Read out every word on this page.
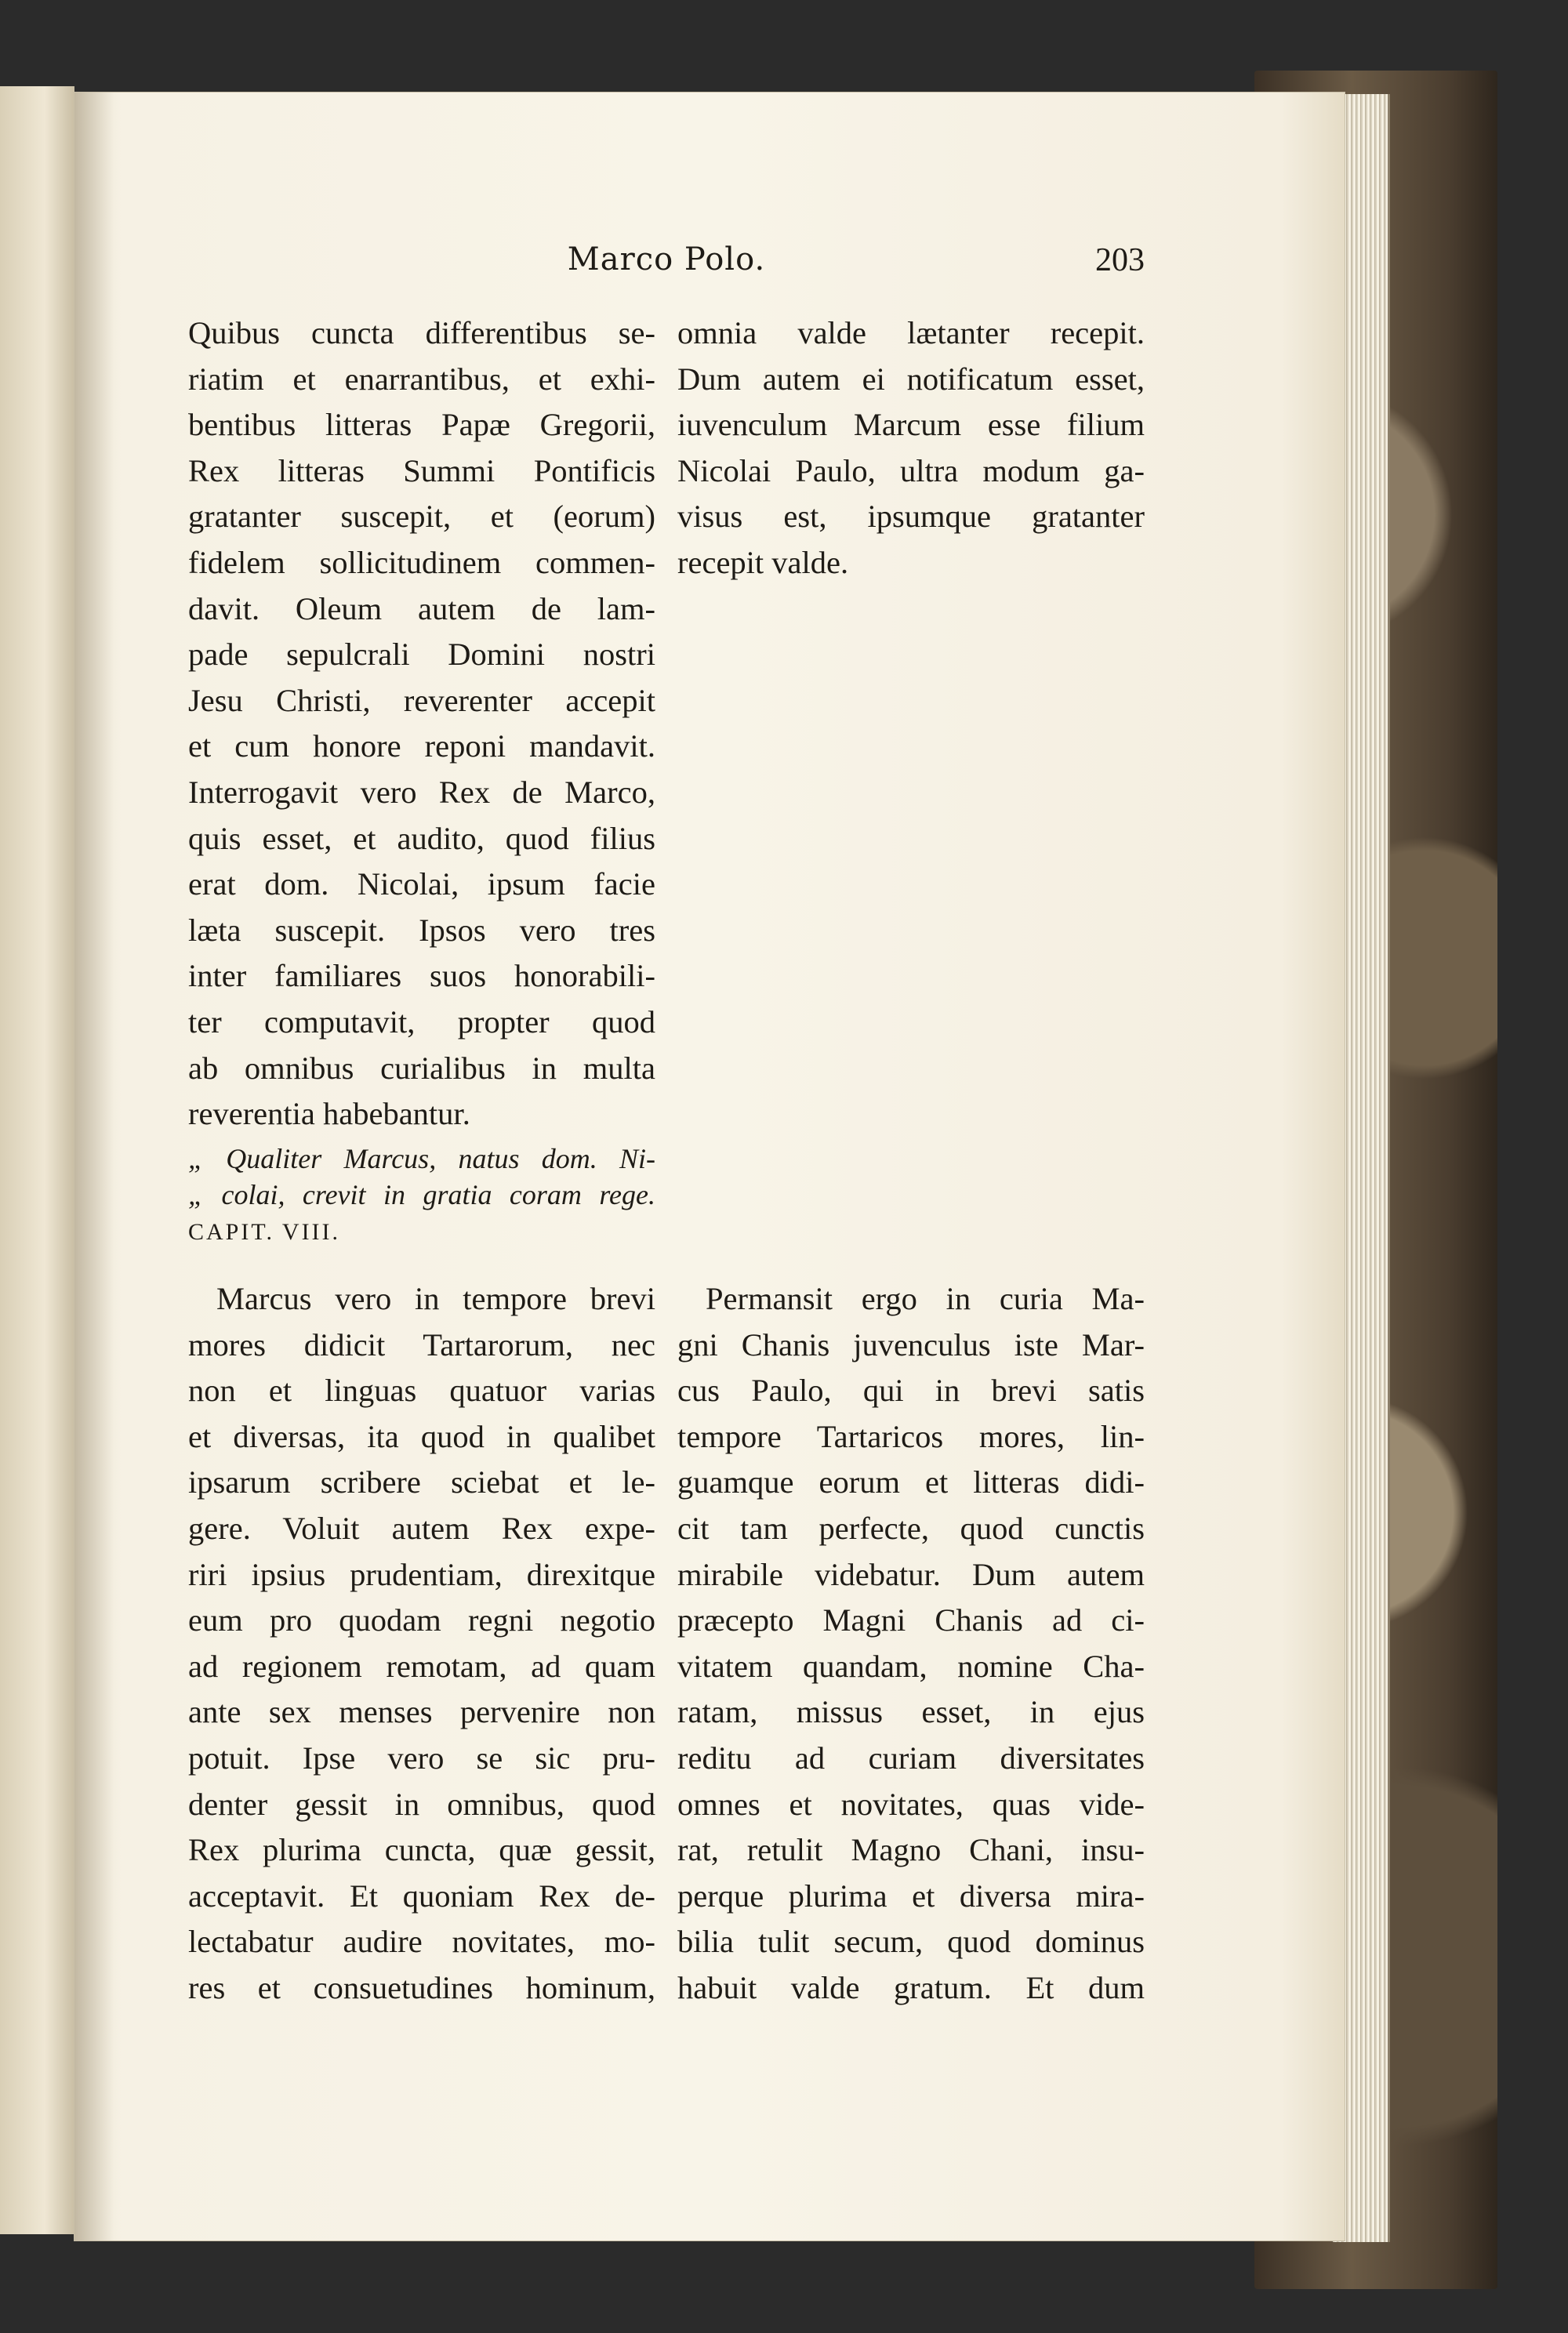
Marco Polo.	203
Quibus cuncta differentibus se-
riatim et enarrantibus, et exhi-
bentibus litteras Papæ Gregorii,
Rex litteras Summi Pontificis
gratanter suscepit, et (eorum)
fidelem sollicitudinem commen-
davit. Oleum autem de lam-
pade sepulcrali Domini nostri
Jesu Christi, reverenter accepit
et cum honore reponi mandavit.
Interrogavit vero Rex de Marco,
quis esset, et audito, quod filius
erat dom. Nicolai, ipsum facie
læta suscepit. Ipsos vero tres
inter familiares suos honorabili-
ter computavit, propter quod
ab omnibus curialibus in multa
reverentia habebantur.
„ Qualiter Marcus, natus dom. Ni-
„ colai, crevit in gratia coram rege.
CAPIT. VIII.
Marcus vero in tempore brevi
mores didicit Tartarorum, nec
non et linguas quatuor varias
et diversas, ita quod in qualibet
ipsarum scribere sciebat et le-
gere. Voluit autem Rex expe-
riri ipsius prudentiam, direxitque
eum pro quodam regni negotio
ad regionem remotam, ad quam
ante sex menses pervenire non
potuit. Ipse vero se sic pru-
denter gessit in omnibus, quod
Rex plurima cuncta, quæ gessit,
acceptavit. Et quoniam Rex de-
lectabatur audire novitates, mo-
res et consuetudines hominum,
omnia valde lætanter recepit.
Dum autem ei notificatum esset,
iuvenculum Marcum esse filium
Nicolai Paulo, ultra modum ga-
visus est, ipsumque gratanter
recepit valde.
Permansit ergo in curia Ma-
gni Chanis juvenculus iste Mar-
cus Paulo, qui in brevi satis
tempore Tartaricos mores, lin-
guamque eorum et litteras didi-
cit tam perfecte, quod cunctis
mirabile videbatur. Dum autem
præcepto Magni Chanis ad ci-
vitatem quandam, nomine Cha-
ratam, missus esset, in ejus
reditu ad curiam diversitates
omnes et novitates, quas vide-
rat, retulit Magno Chani, insu-
perque plurima et diversa mira-
bilia tulit secum, quod dominus
habuit valde gratum. Et dum
